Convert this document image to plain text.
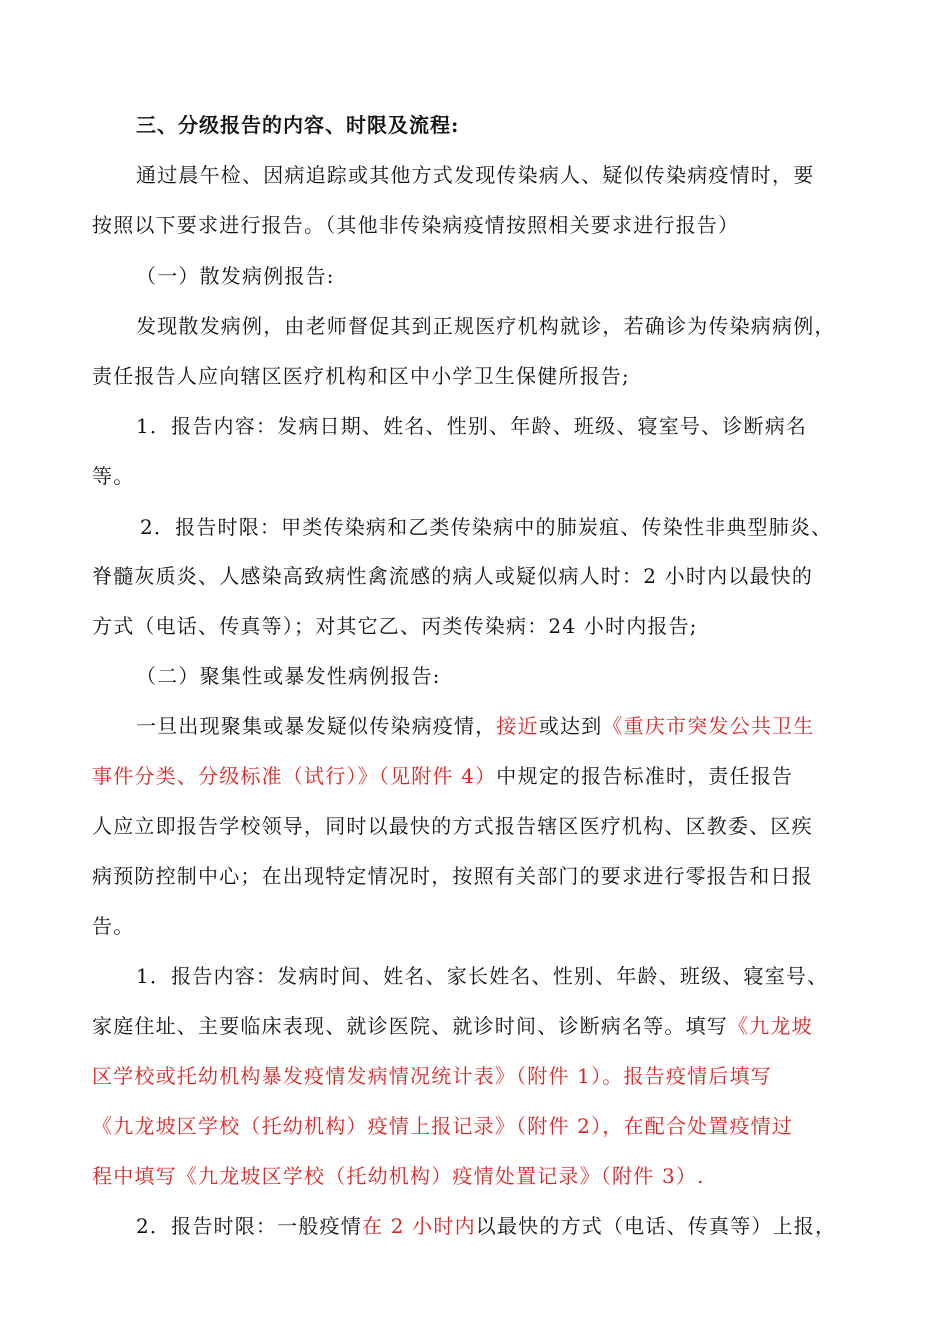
三、分级报告的内容、时限及流程:
通过晨午检、因病追踪或其他方式发现传染病人、疑似传染病疫情时，要
按照以下要求进行报告。（其他非传染病疫情按照相关要求进行报告）
（一）散发病例报告:
发现散发病例，由老师督促其到正规医疗机构就诊，若确诊为传染病病例，
责任报告人应向辖区医疗机构和区中小学卫生保健所报告;
1．报告内容：发病日期、姓名、性别、年龄、班级、寝室号、诊断病名
等。
2．报告时限：甲类传染病和乙类传染病中的肺炭疽、传染性非典型肺炎、
脊髓灰质炎、人感染高致病性禽流感的病人或疑似病人时：2 小时内以最快的
方式（电话、传真等）；对其它乙、丙类传染病：24 小时内报告;
（二）聚集性或暴发性病例报告:
一旦出现聚集或暴发疑似传染病疫情，接近或达到《重庆市突发公共卫生
事件分类、分级标准（试行）》（见附件 4）中规定的报告标准时，责任报告
人应立即报告学校领导，同时以最快的方式报告辖区医疗机构、区教委、区疾
病预防控制中心；在出现特定情况时，按照有关部门的要求进行零报告和日报
告。
1．报告内容：发病时间、姓名、家长姓名、性别、年龄、班级、寝室号、
家庭住址、主要临床表现、就诊医院、就诊时间、诊断病名等。填写《九龙坡
区学校或托幼机构暴发疫情发病情况统计表》（附件 1）。报告疫情后填写
《九龙坡区学校（托幼机构）疫情上报记录》（附件 2），在配合处置疫情过
程中填写《九龙坡区学校（托幼机构）疫情处置记录》（附件 3）.
2．报告时限：一般疫情在 2 小时内以最快的方式（电话、传真等）上报，
